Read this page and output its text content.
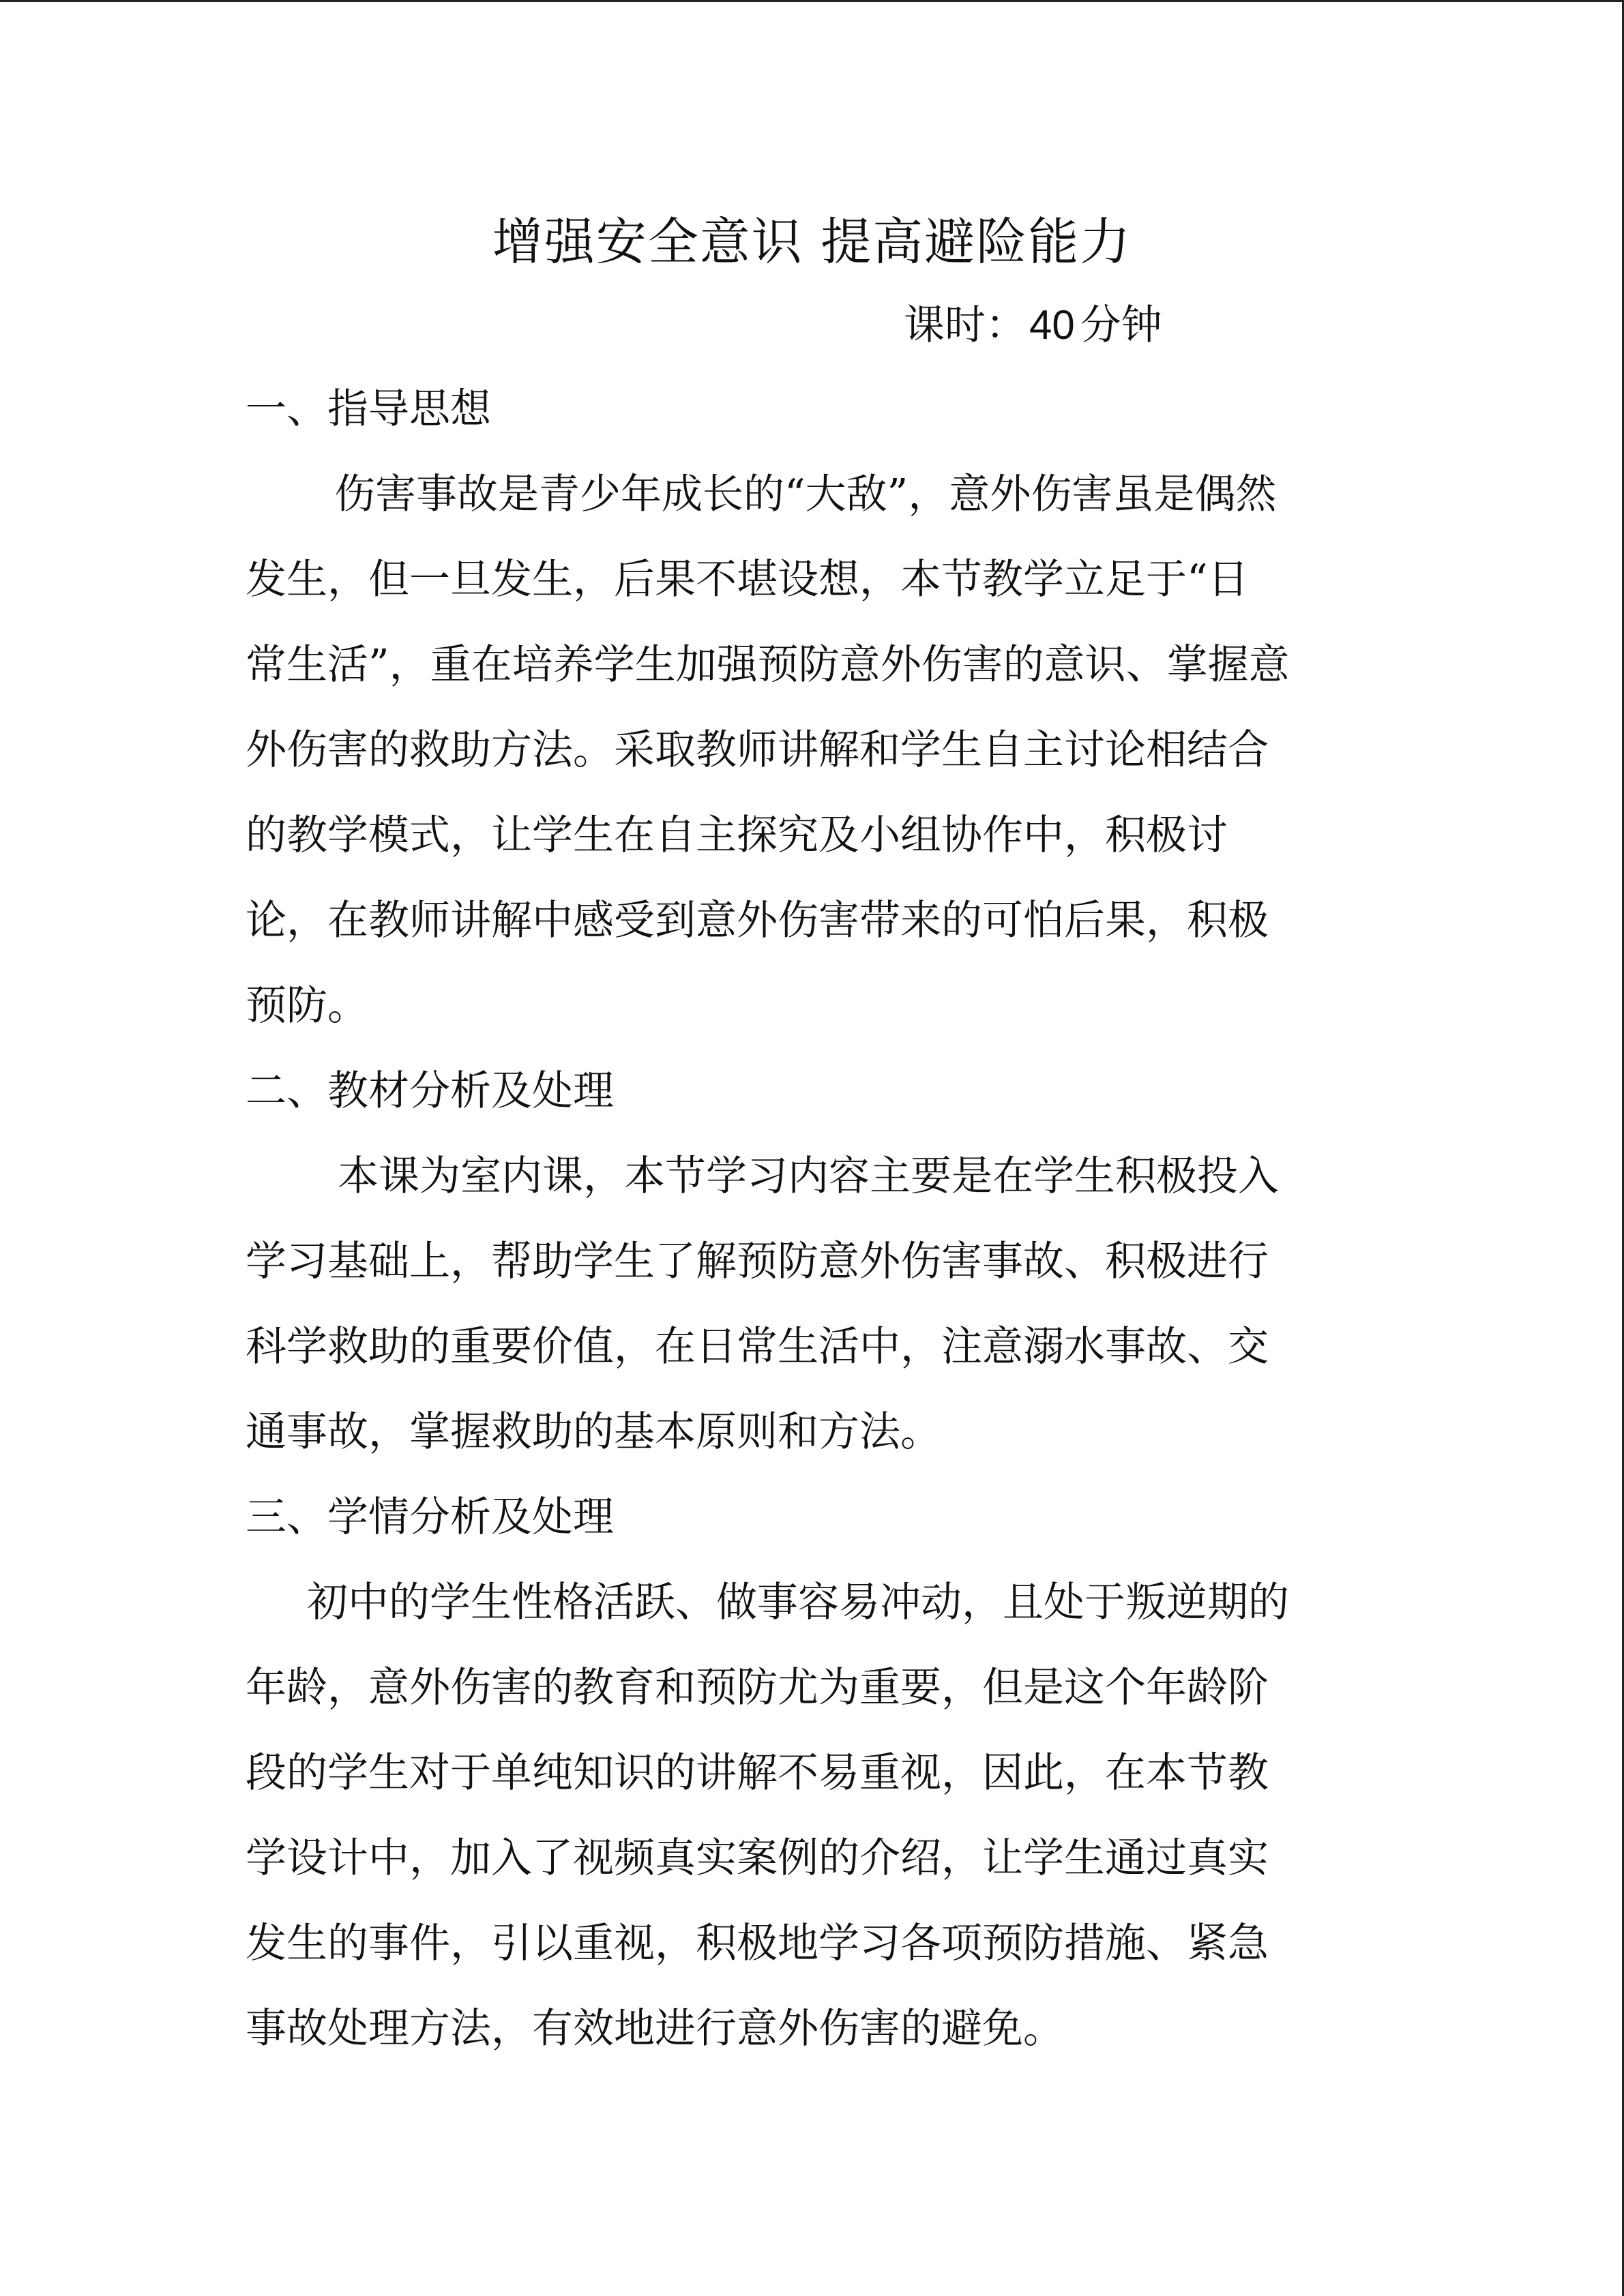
增强安全意识 提高避险能力
课时：40 分钟
一、指导思想
伤害事故是青少年成长的“大敌”，意外伤害虽是偶然
发生，但一旦发生，后果不堪设想，本节教学立足于“日
常生活”，重在培养学生加强预防意外伤害的意识、掌握意
外伤害的救助方法。采取教师讲解和学生自主讨论相结合
的教学模式，让学生在自主探究及小组协作中，积极讨
论，在教师讲解中感受到意外伤害带来的可怕后果，积极
预防。
二、教材分析及处理
本课为室内课，本节学习内容主要是在学生积极投入
学习基础上，帮助学生了解预防意外伤害事故、积极进行
科学救助的重要价值，在日常生活中，注意溺水事故、交
通事故，掌握救助的基本原则和方法。
三、学情分析及处理
初中的学生性格活跃、做事容易冲动，且处于叛逆期的
年龄，意外伤害的教育和预防尤为重要，但是这个年龄阶
段的学生对于单纯知识的讲解不易重视，因此，在本节教
学设计中，加入了视频真实案例的介绍，让学生通过真实
发生的事件，引以重视，积极地学习各项预防措施、紧急
事故处理方法，有效地进行意外伤害的避免。
